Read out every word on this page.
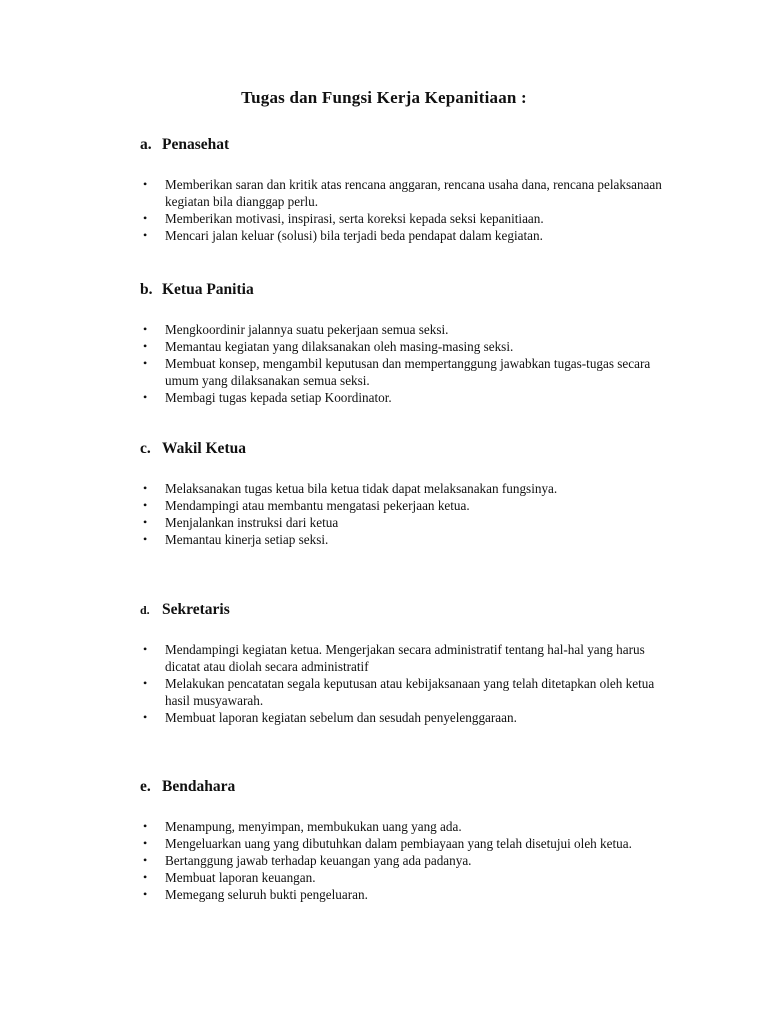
Tugas dan Fungsi Kerja Kepanitiaan :
a. Penasehat
• Memberikan saran dan kritik atas rencana anggaran, rencana usaha dana, rencana pelaksanaan kegiatan bila dianggap perlu.
• Memberikan motivasi, inspirasi, serta koreksi kepada seksi kepanitiaan.
• Mencari jalan keluar (solusi) bila terjadi beda pendapat dalam kegiatan.
b. Ketua Panitia
• Mengkoordinir jalannya suatu pekerjaan semua seksi.
• Memantau kegiatan yang dilaksanakan oleh masing-masing seksi.
• Membuat konsep, mengambil keputusan dan mempertanggung jawabkan tugas-tugas secara umum yang dilaksanakan semua seksi.
• Membagi tugas kepada setiap Koordinator.
c. Wakil Ketua
• Melaksanakan tugas ketua bila ketua tidak dapat melaksanakan fungsinya.
• Mendampingi atau membantu mengatasi pekerjaan ketua.
• Menjalankan instruksi dari ketua
• Memantau kinerja setiap seksi.
d. Sekretaris
• Mendampingi kegiatan ketua. Mengerjakan secara administratif tentang hal-hal yang harus dicatat atau diolah secara administratif
• Melakukan pencatatan segala keputusan atau kebijaksanaan yang telah ditetapkan oleh ketua hasil musyawarah.
• Membuat laporan kegiatan sebelum dan sesudah penyelenggaraan.
e. Bendahara
• Menampung, menyimpan, membukukan uang yang ada.
• Mengeluarkan uang yang dibutuhkan dalam pembiayaan yang telah disetujui oleh ketua.
• Bertanggung jawab terhadap keuangan yang ada padanya.
• Membuat laporan keuangan.
• Memegang seluruh bukti pengeluaran.
